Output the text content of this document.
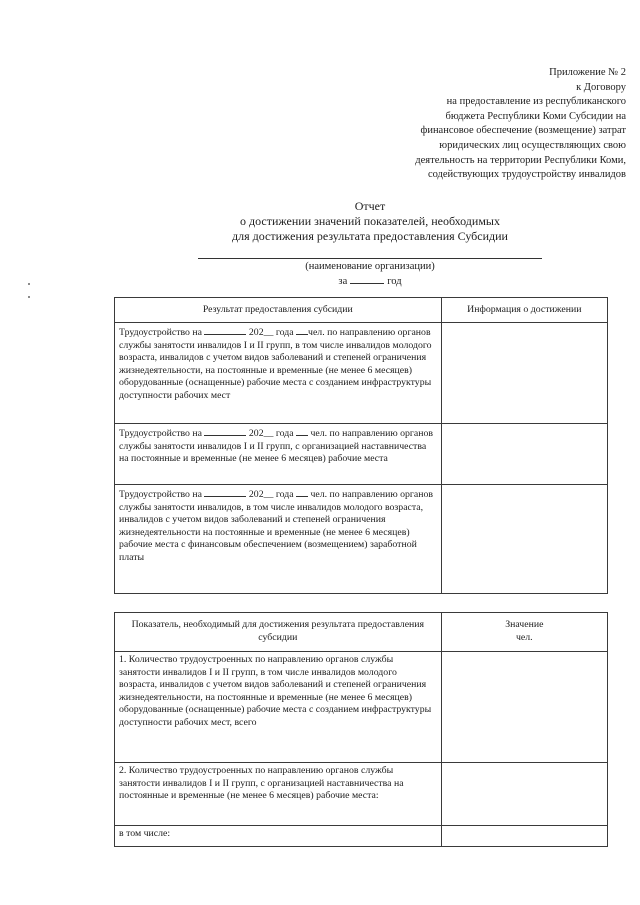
Приложение № 2
к Договору
на предоставление из республиканского
бюджета Республики Коми Субсидии на
финансовое обеспечение (возмещение) затрат
юридических лиц осуществляющих свою
деятельность на территории Республики Коми,
содействующих трудоустройству инвалидов
Отчет
о достижении значений показателей, необходимых
для достижения результата предоставления Субсидии
(наименование организации)
за	год
Результат предоставления субсидии	Информация о достижении
Трудоустройство на 202__ года чел. по направлению органов службы занятости инвалидов I и II групп, в том числе инвалидов молодого возраста, инвалидов с учетом видов заболеваний и степеней ограничения жизнедеятельности, на постоянные и временные (не менее 6 месяцев) оборудованные (оснащенные) рабочие места с созданием инфраструктуры доступности рабочих мест	
Трудоустройство на 202__ года чел. по направлению органов службы занятости инвалидов I и II групп, с организацией наставничества на постоянные и временные (не менее 6 месяцев) рабочие места	
Трудоустройство на 202__ года чел. по направлению органов службы занятости инвалидов, в том числе инвалидов молодого возраста, инвалидов с учетом видов заболеваний и степеней ограничения жизнедеятельности на постоянные и временные (не менее 6 месяцев) рабочие места с финансовым обеспечением (возмещением) заработной платы	
Показатель, необходимый для достижения результата предоставления субсидии	Значение
чел.

1. Количество трудоустроенных по направлению органов службы занятости инвалидов I и II групп, в том числе инвалидов молодого возраста, инвалидов с учетом видов заболеваний и степеней ограничения жизнедеятельности, на постоянные и временные (не менее 6 месяцев) оборудованные (оснащенные) рабочие места с созданием инфраструктуры доступности рабочих мест, всего	
2. Количество трудоустроенных по направлению органов службы занятости инвалидов I и II групп, с организацией наставничества на постоянные и временные (не менее 6 месяцев) рабочие места:	
в том числе:	
